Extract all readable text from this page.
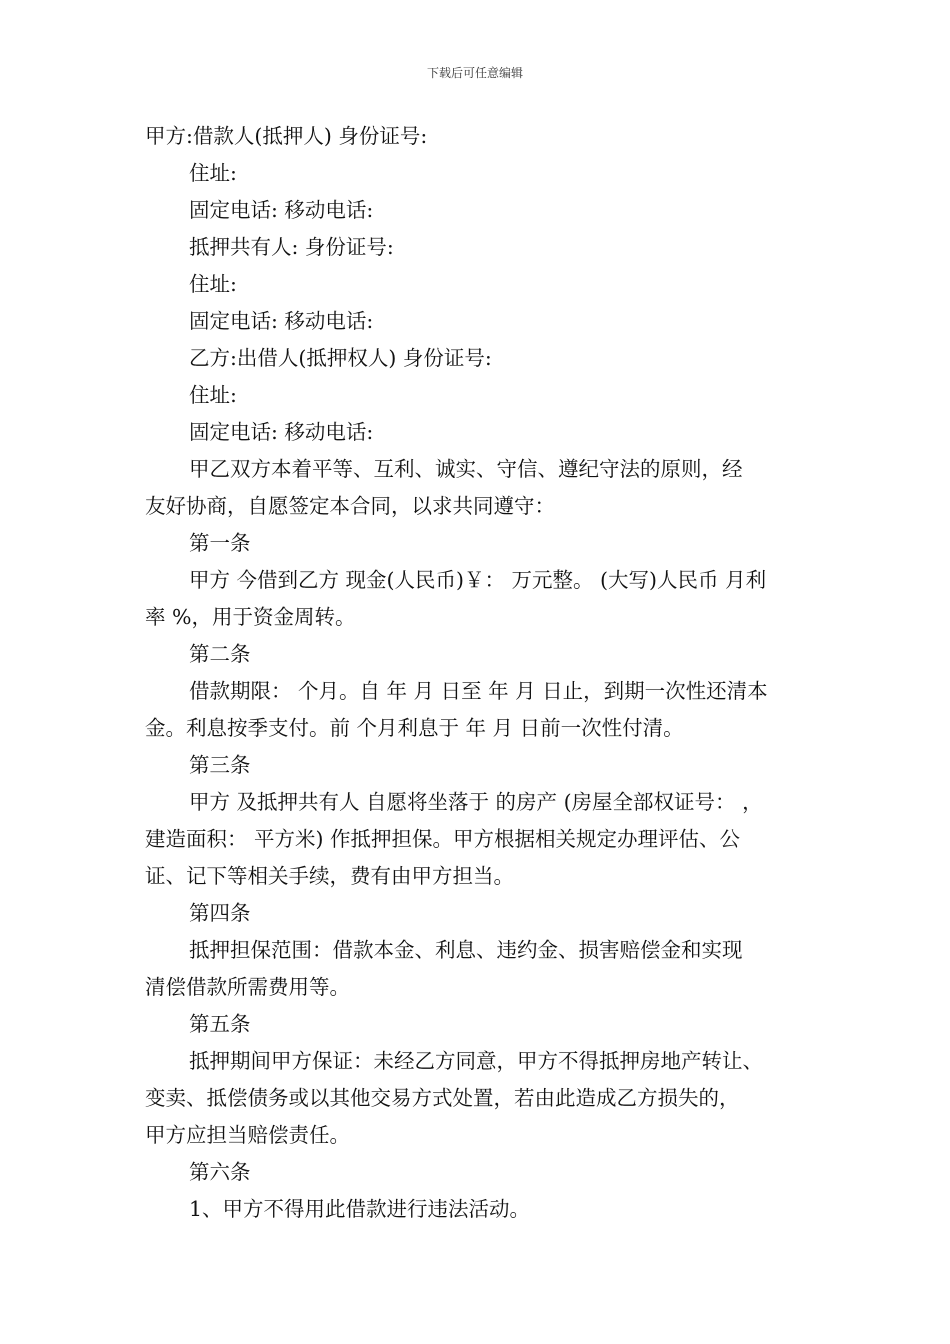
下载后可任意编辑
甲方:借款人(抵押人) 身份证号:
住址:
固定电话: 移动电话:
抵押共有人: 身份证号:
住址:
固定电话: 移动电话:
乙方:出借人(抵押权人) 身份证号:
住址:
固定电话: 移动电话:
甲乙双方本着平等、互利、诚实、守信、遵纪守法的原则，经
友好协商，自愿签定本合同，以求共同遵守：
第一条
甲方 今借到乙方 现金(人民币)￥： 万元整。 (大写)人民币 月利
率 %，用于资金周转。
第二条
借款期限： 个月。自 年 月 日至 年 月 日止，到期一次性还清本
金。利息按季支付。前 个月利息于 年 月 日前一次性付清。
第三条
甲方 及抵押共有人 自愿将坐落于 的房产 (房屋全部权证号： ，
建造面积： 平方米) 作抵押担保。甲方根据相关规定办理评估、公
证、记下等相关手续，费有由甲方担当。
第四条
抵押担保范围：借款本金、利息、违约金、损害赔偿金和实现
清偿借款所需费用等。
第五条
抵押期间甲方保证：未经乙方同意，甲方不得抵押房地产转让、
变卖、抵偿债务或以其他交易方式处置，若由此造成乙方损失的，
甲方应担当赔偿责任。
第六条
1、甲方不得用此借款进行违法活动。
